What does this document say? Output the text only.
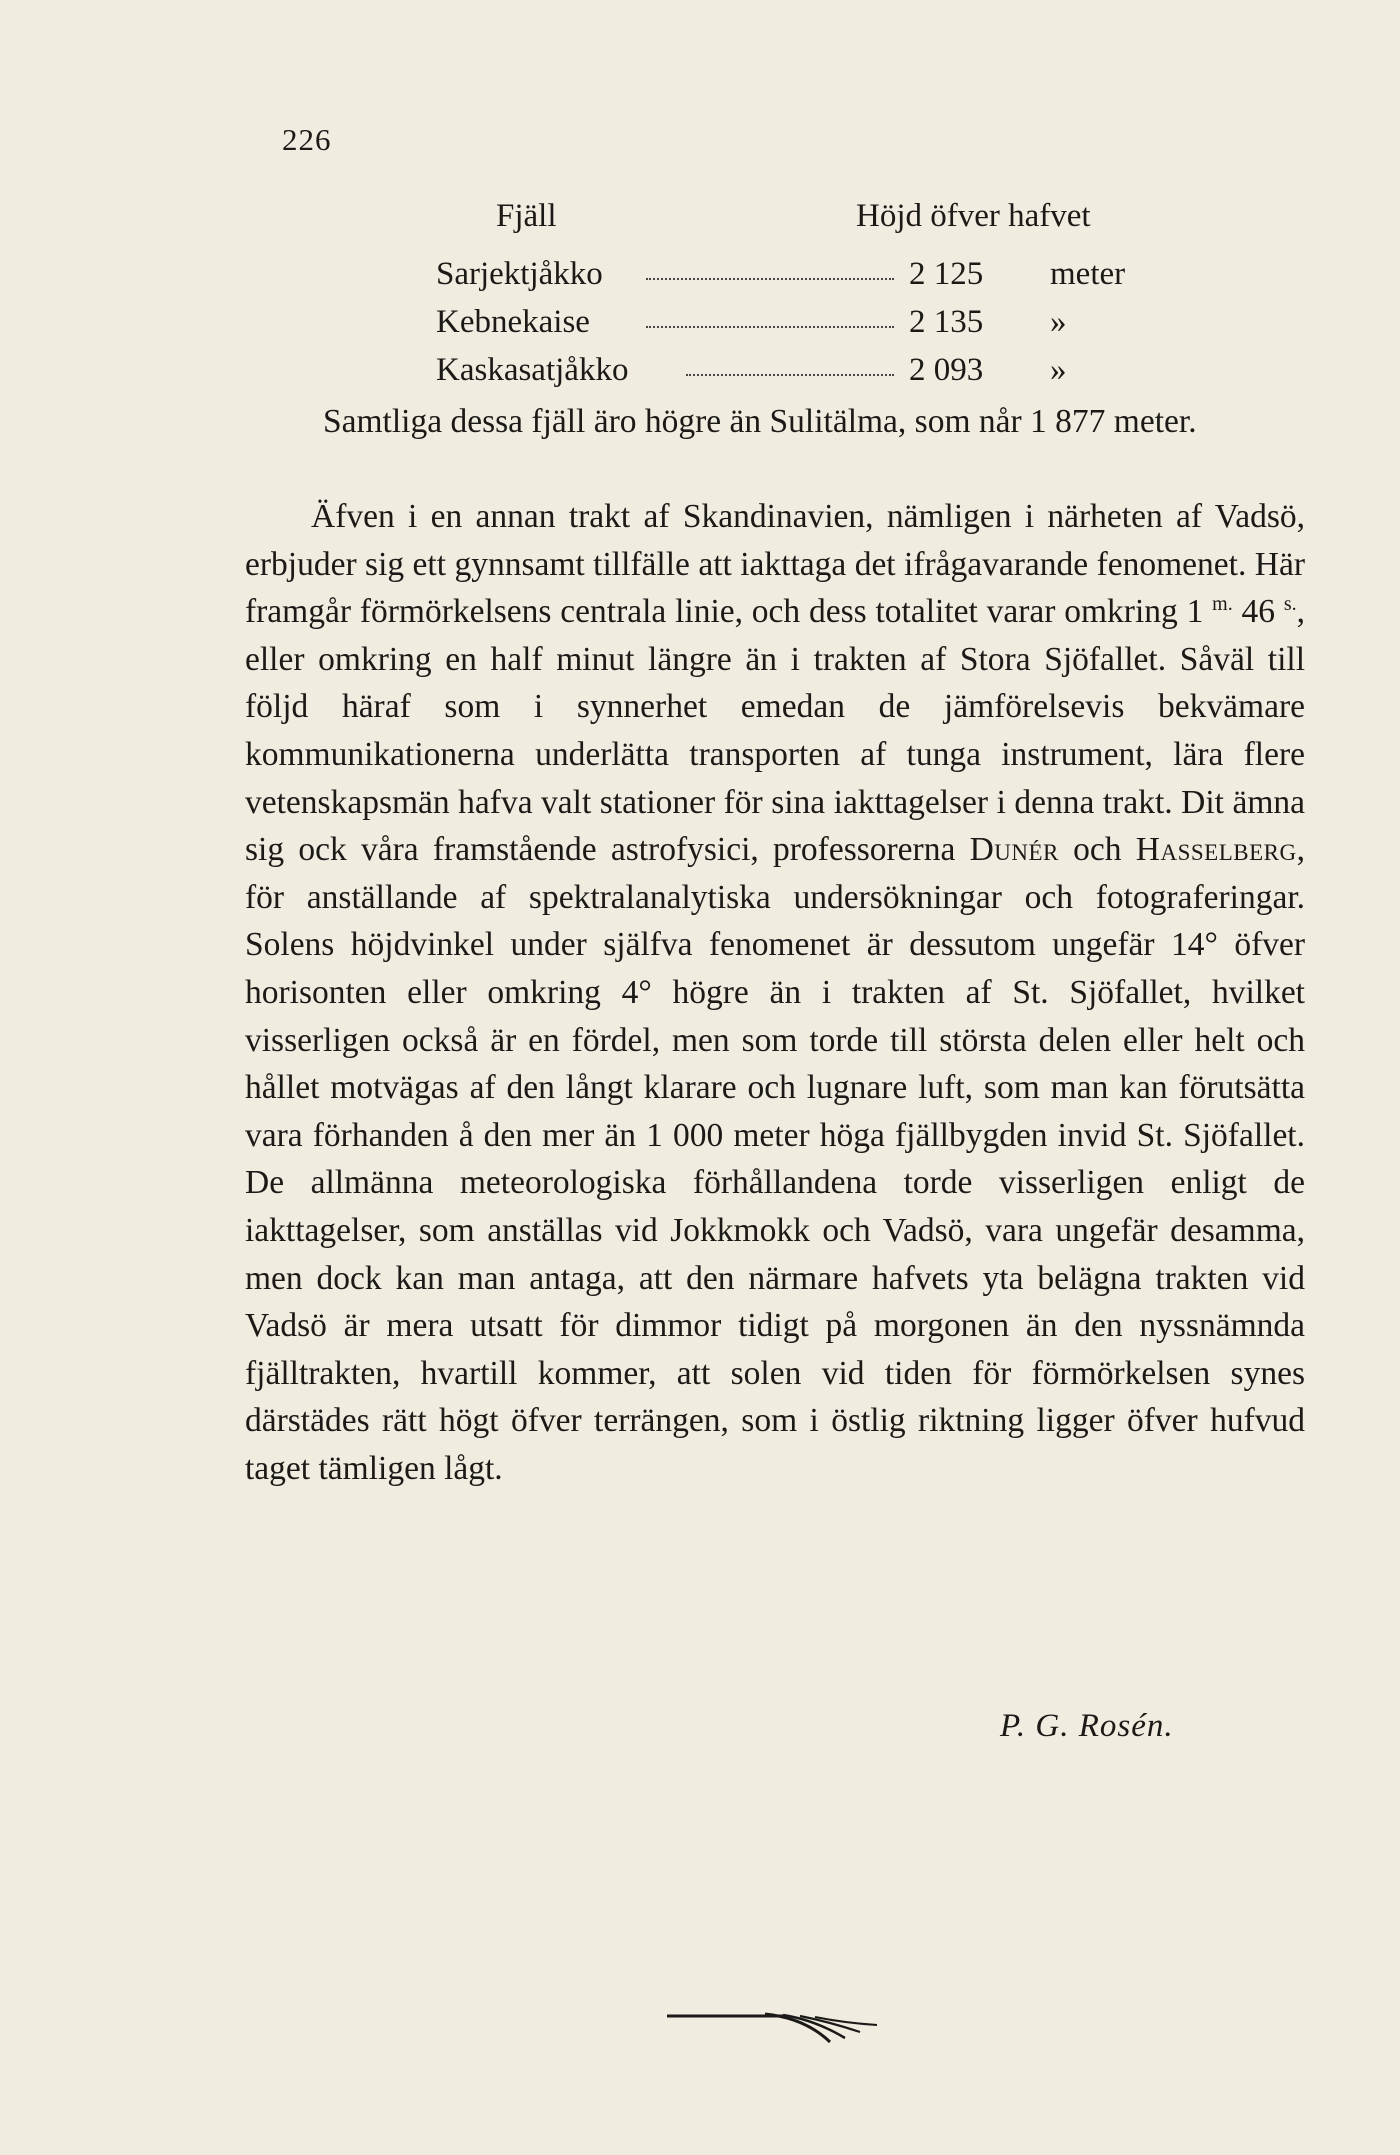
226
Fjäll	Höjd öfver hafvet
Sarjektjåkko	2 125 meter
Kebnekaise	2 135 »
Kaskasatjåkko	2 093 »

Samtliga dessa fjäll äro högre än Sulitälma, som når 1 877 meter.

Äfven i en annan trakt af Skandinavien, nämligen i närheten af Vadsö, erbjuder sig ett gynnsamt tillfälle att iakttaga det ifrågavarande fenomenet. Här framgår förmörkelsens centrala linie, och dess totalitet varar omkring 1 $^{m.}$ 46 $^{s.}$, eller omkring en half minut längre än i trakten af Stora Sjöfallet. Såväl till följd häraf som i synnerhet emedan de jämförelsevis bekvämare kommunikationerna underlätta transporten af tunga instrument, lära flere vetenskapsmän hafva valt stationer för sina iakttagelser i denna trakt. Dit ämna sig ock våra framstående astrofysici, professorerna Dunér och Hasselberg, för anställande af spektralanalytiska undersökningar och fotograferingar. Solens höjdvinkel under själfva fenomenet är dessutom ungefär 14° öfver horisonten eller omkring 4° högre än i trakten af St. Sjöfallet, hvilket visserligen också är en fördel, men som torde till största delen eller helt och hållet motvägas af den långt klarare och lugnare luft, som man kan förutsätta vara förhanden å den mer än 1 000 meter höga fjällbygden invid St. Sjöfallet. De allmänna meteorologiska förhållandena torde visserligen enligt de iakttagelser, som anställas vid Jokkmokk och Vadsö, vara ungefär desamma, men dock kan man antaga, att den närmare hafvets yta belägna trakten vid Vadsö är mera utsatt för dimmor tidigt på morgonen än den nyssnämnda fjälltrakten, hvartill kommer, att solen vid tiden för förmörkelsen synes därstädes rätt högt öfver terrängen, som i östlig riktning ligger öfver hufvud taget tämligen lågt.

P. G. Rosén.
